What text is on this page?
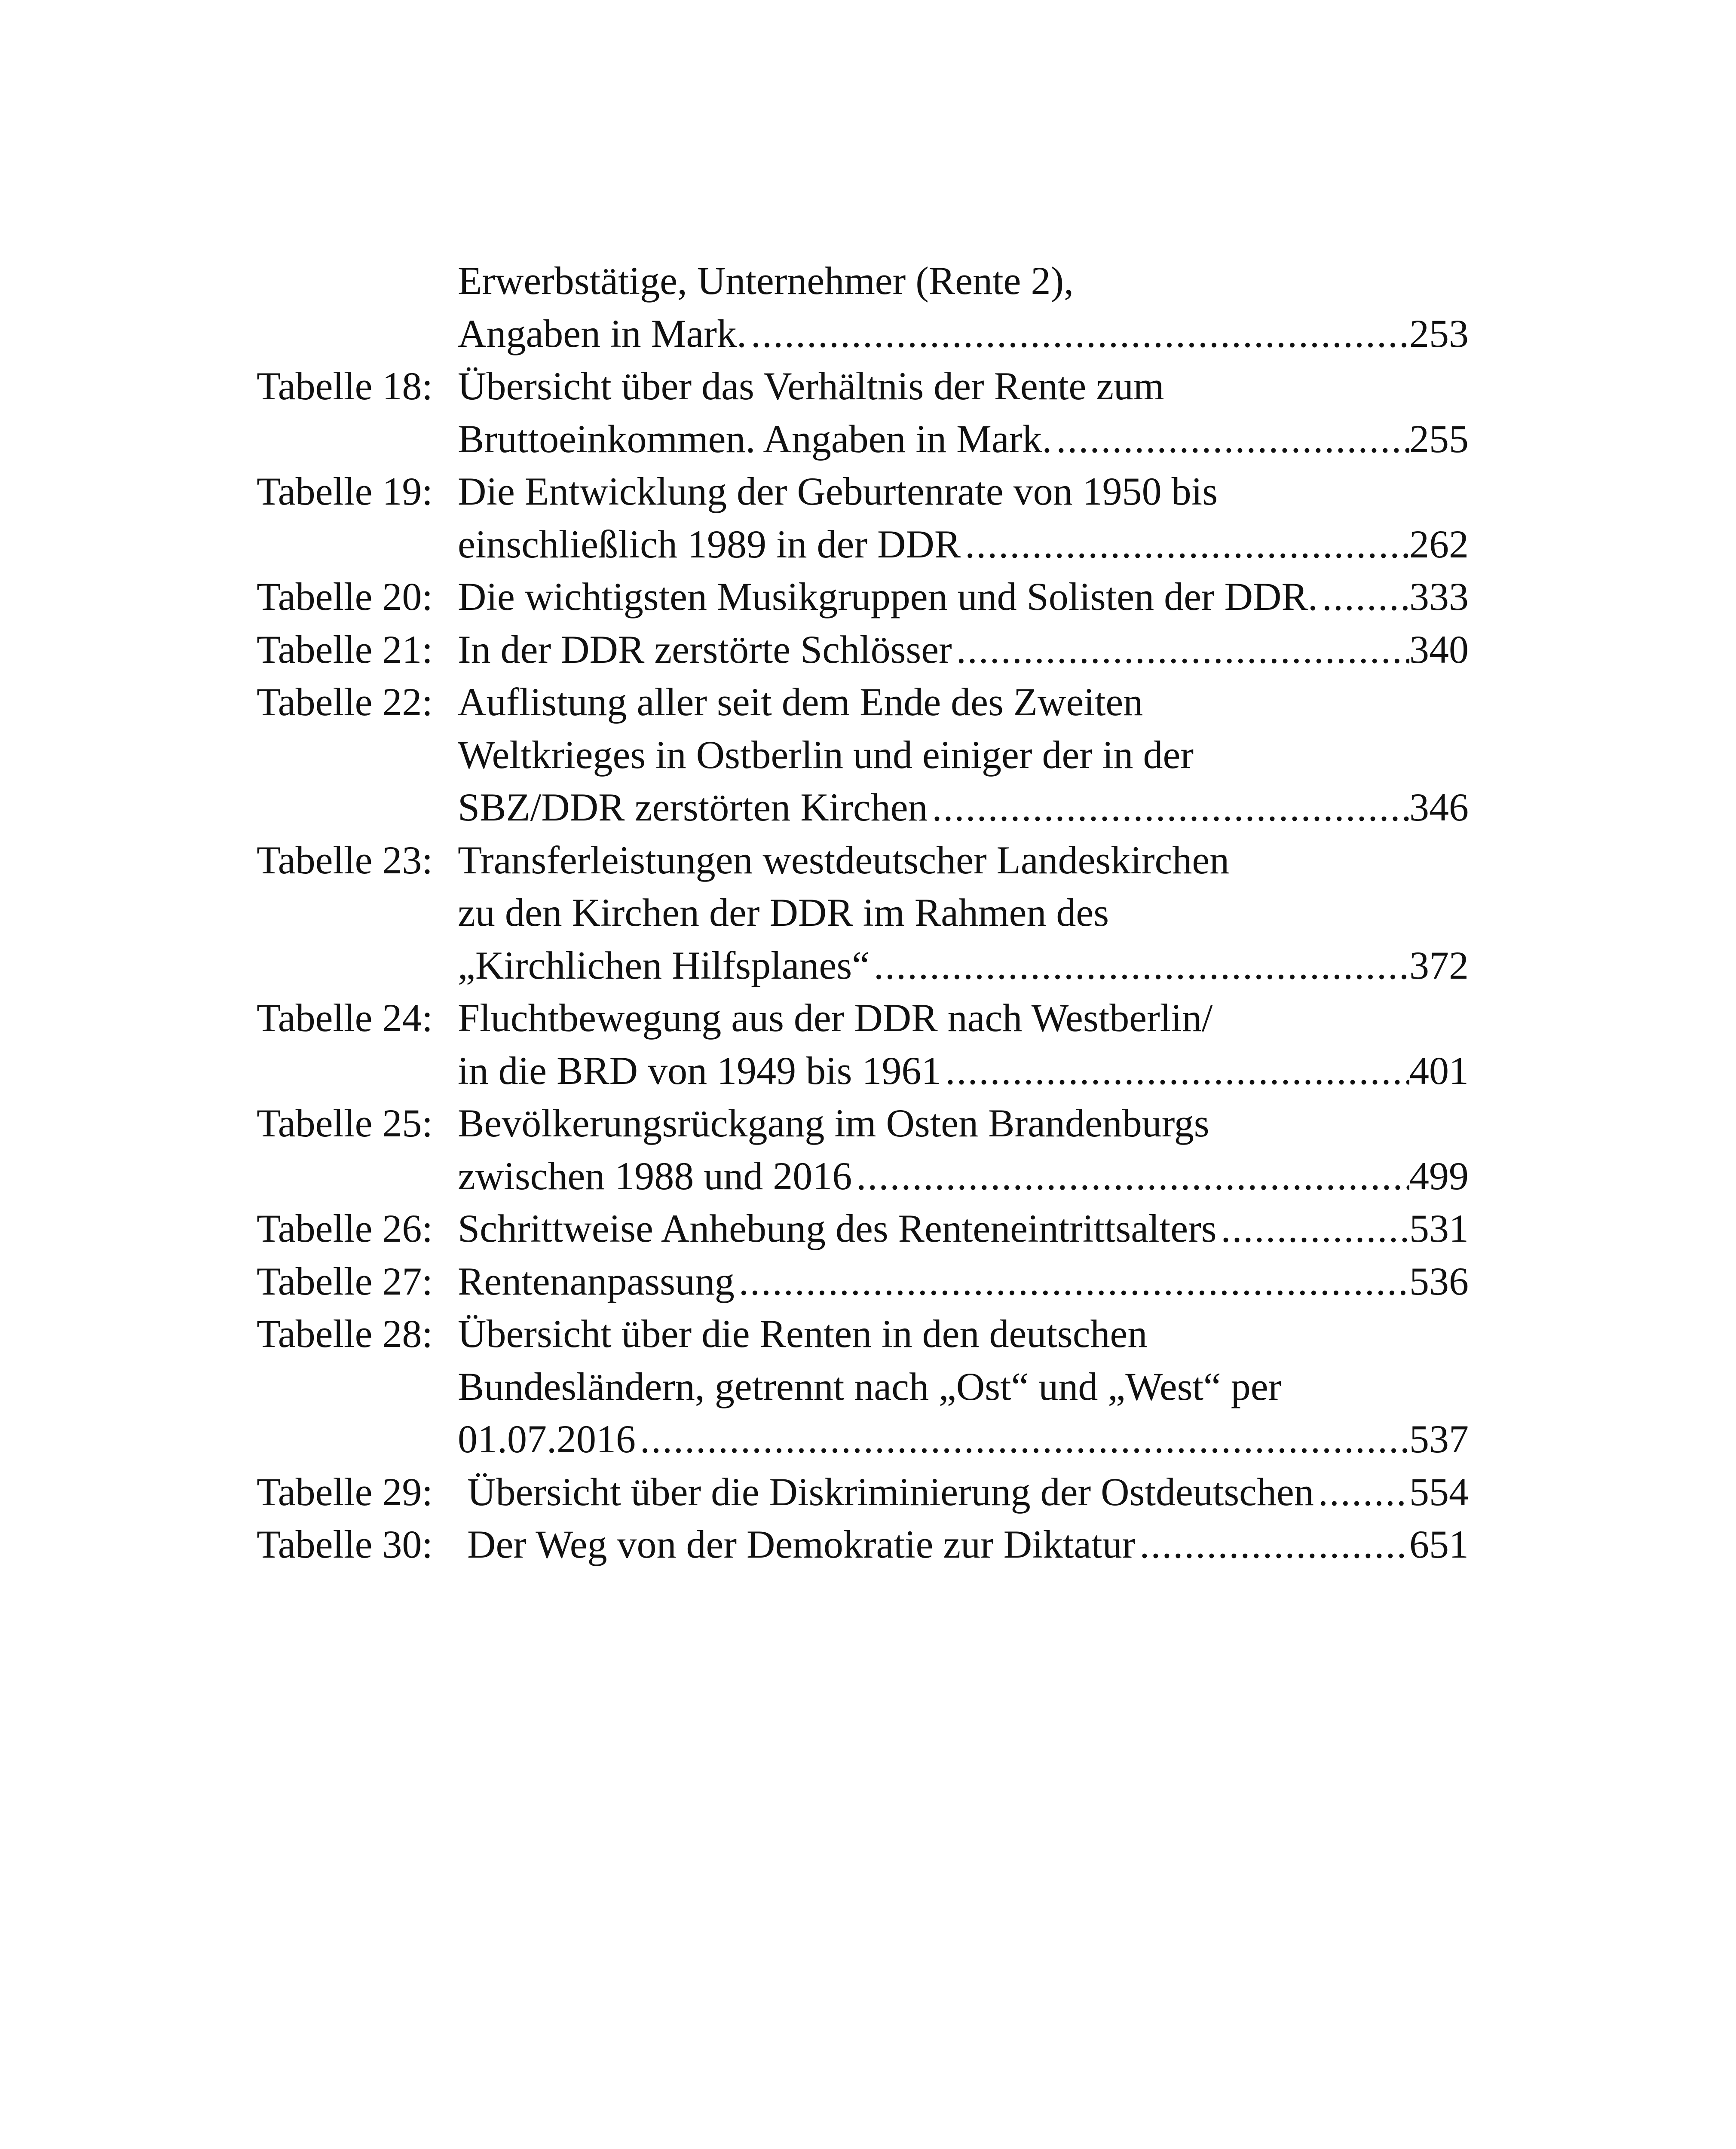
Erwerbstätige, Unternehmer (Rente 2),
Angaben in Mark. .....	253
Tabelle 18: Übersicht über das Verhältnis der Rente zum
Bruttoeinkommen. Angaben in Mark. .....	255
Tabelle 19: Die Entwicklung der Geburtenrate von 1950 bis
einschließlich 1989 in der DDR .....	262
Tabelle 20: Die wichtigsten Musikgruppen und Solisten der DDR. ..... 333
Tabelle 21: In der DDR zerstörte Schlösser .....	340
Tabelle 22: Auflistung aller seit dem Ende des Zweiten
Weltkrieges in Ostberlin und einiger der in der
SBZ/DDR zerstörten Kirchen .....	346
Tabelle 23: Transferleistungen westdeutscher Landeskirchen
zu den Kirchen der DDR im Rahmen des
„Kirchlichen Hilfsplanes“ .....	372
Tabelle 24: Fluchtbewegung aus der DDR nach Westberlin/
in die BRD von 1949 bis 1961 .....	401
Tabelle 25: Bevölkerungsrückgang im Osten Brandenburgs
zwischen 1988 und 2016 .....	499
Tabelle 26: Schrittweise Anhebung des Renteneintrittsalters .....	531
Tabelle 27: Rentenanpassung .....	536
Tabelle 28: Übersicht über die Renten in den deutschen
Bundesländern, getrennt nach „Ost“ und „West“ per
01.07.2016 .....	537
Tabelle 29: Übersicht über die Diskriminierung der Ostdeutschen ..... 554
Tabelle 30: Der Weg von der Demokratie zur Diktatur .....	651
